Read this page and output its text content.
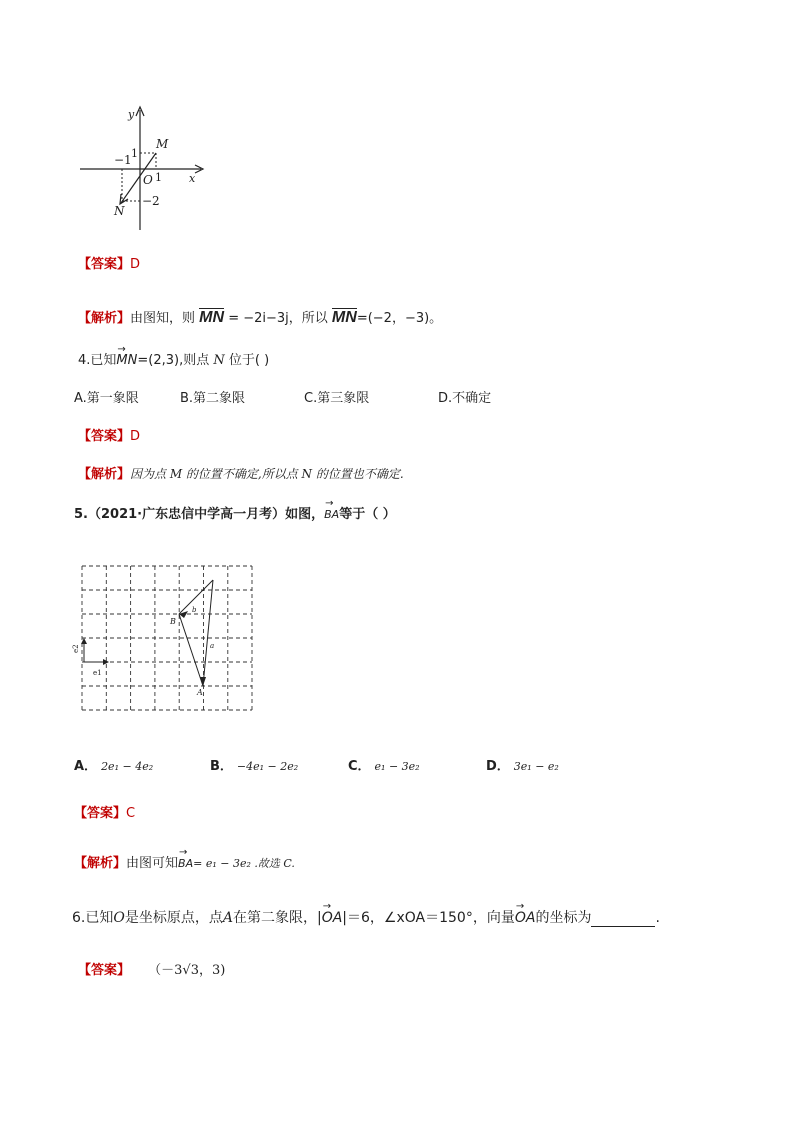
y
x
O
M
N
−1 1
1
−2
【答案】D
【解析】由图知，则 MN = −2i−3j，所以 MN=(−2，−3)。
4.已知MN →=(2,3),则点 N 位于( )
A.第一象限	B.第二象限	C.第三象限	D.不确定
【答案】D
【解析】因为点 M 的位置不确定,所以点 N 的位置也不确定.
5.（2021·广东忠信中学高一月考）如图，BA →等于（ ）
B
A
a
b
e1
e2
A． 2e₁ − 4e₂	B． −4e₁ − 2e₂	C． e₁ − 3e₂	D． 3e₁ − e₂
【答案】C
【解析】由图可知BA →= e₁ − 3e₂ .故选 C.
6.已知O是坐标原点，点A在第二象限，|OA →|＝6，∠xOA＝150°，向量OA →的坐标为	.
【答案】 （－3√3，3)
